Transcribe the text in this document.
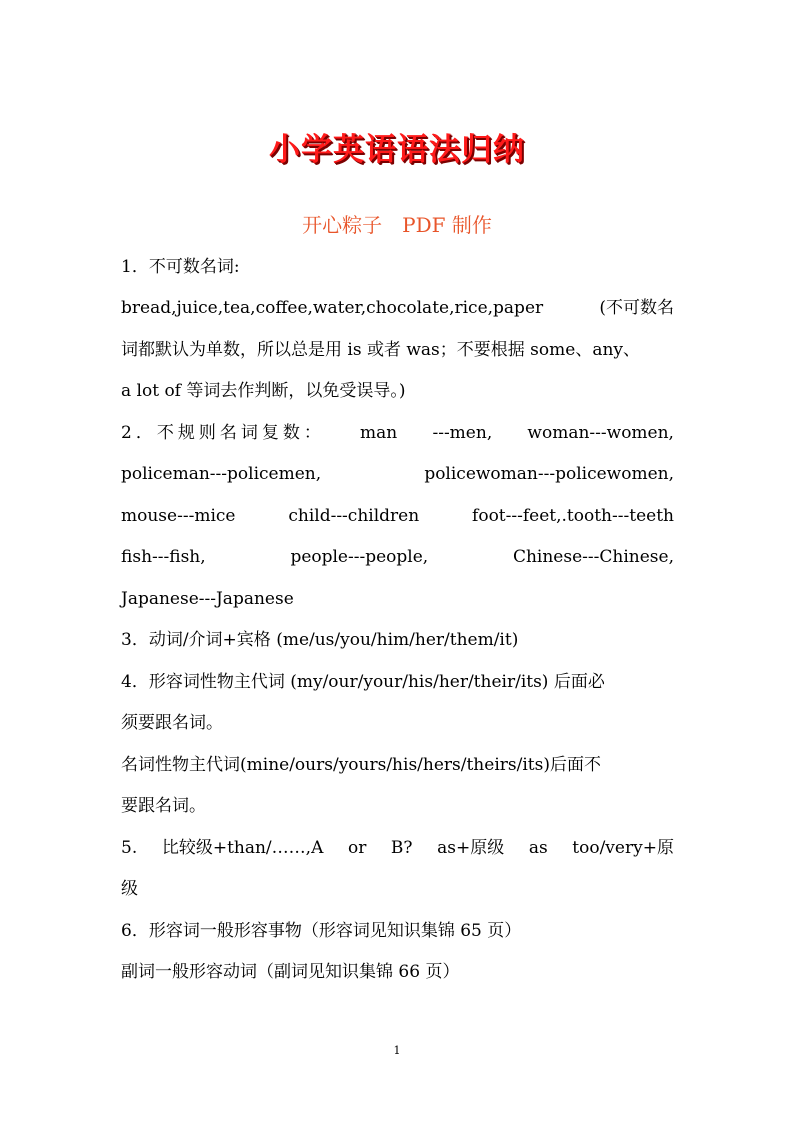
小学英语语法归纳
开心粽子　PDF 制作
1．不可数名词:
bread,juice,tea,coffee,water,chocolate,rice,paper	(不可数名
词都默认为单数，所以总是用 is 或者 was；不要根据 some、any、
a lot of 等词去作判断，以免受误导。)
2．不规则名词复数： man ---men, woman---women,
policeman---policemen,	policewoman---policewomen,
mouse---mice	child---children	foot---feet,.tooth---teeth
fish---fish,	people---people,	Chinese---Chinese,
Japanese---Japanese
3．动词/介词+宾格 (me/us/you/him/her/them/it)
4．形容词性物主代词 (my/our/your/his/her/their/its) 后面必
须要跟名词。
名词性物主代词(mine/ours/yours/his/hers/theirs/its)后面不
要跟名词。
5. 比较级+than/……,A or B? as+原级 as too/very+原
级
6．形容词一般形容事物（形容词见知识集锦 65 页）
副词一般形容动词（副词见知识集锦 66 页）
1
